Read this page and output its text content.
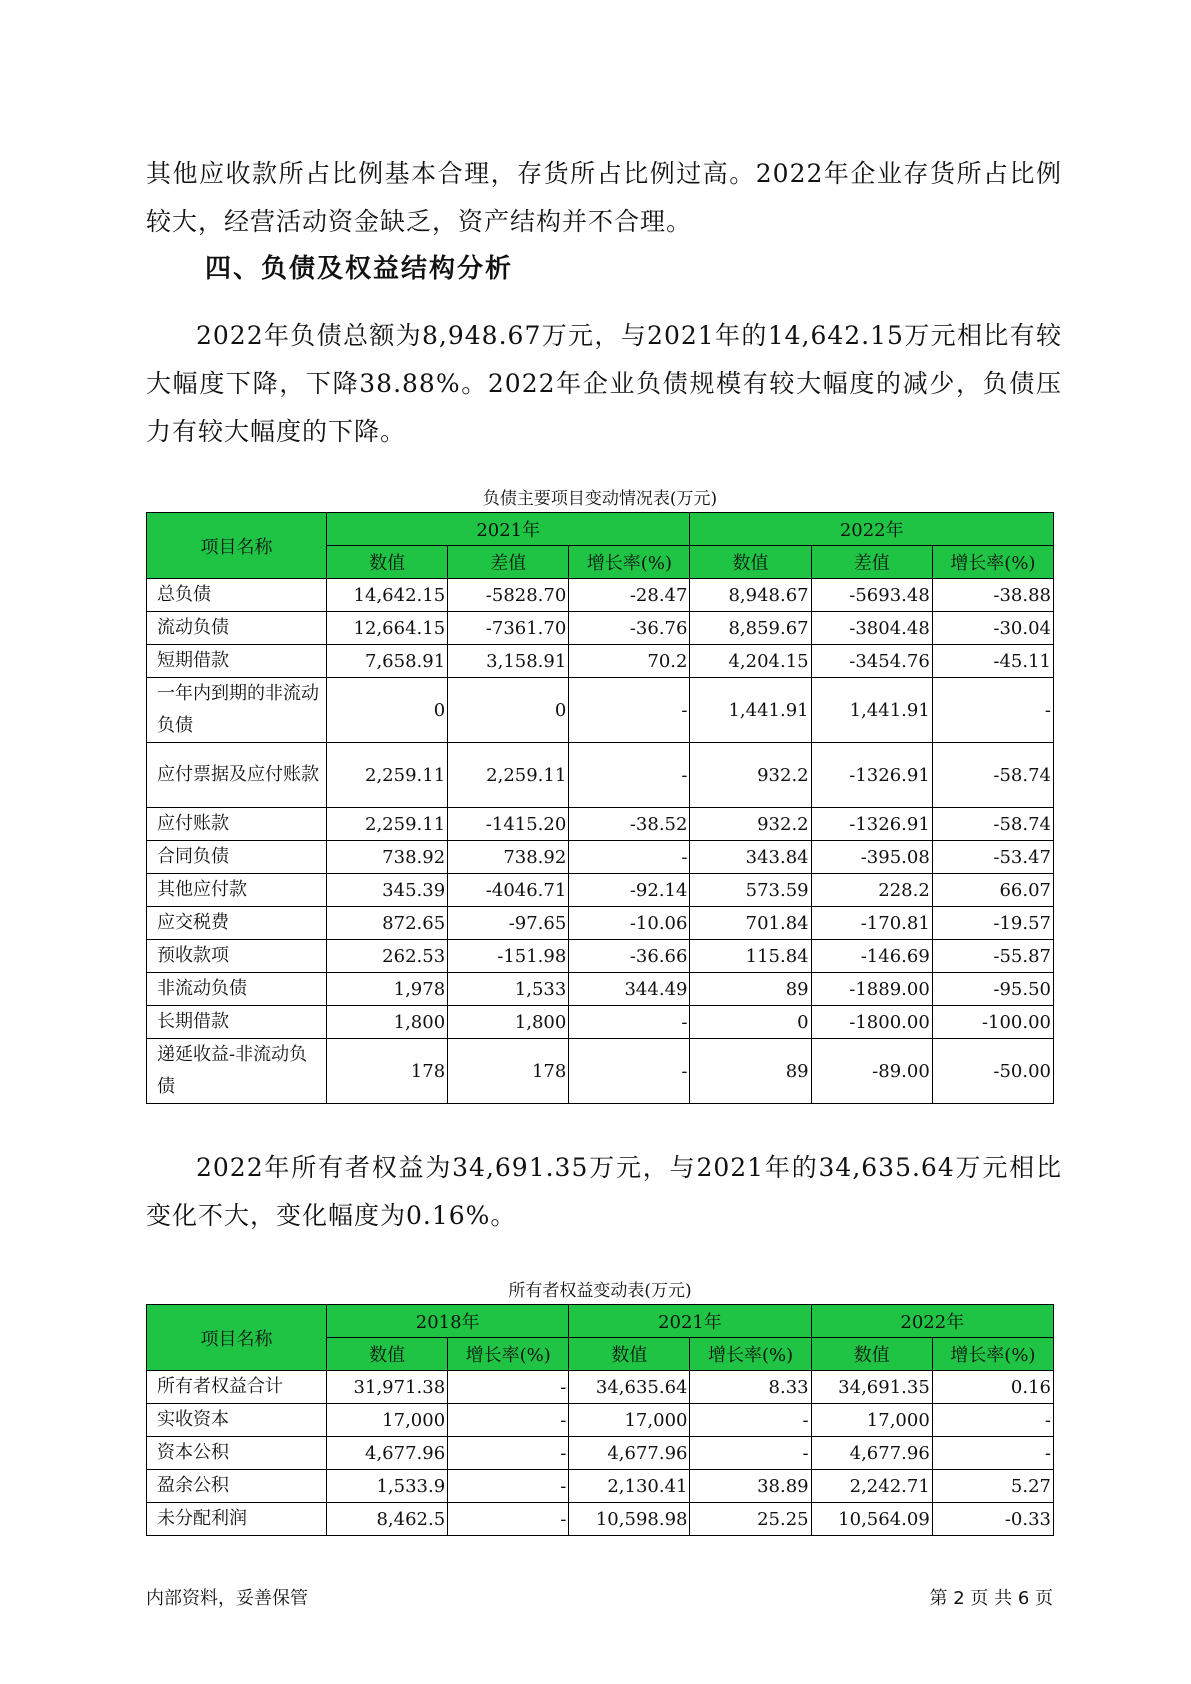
其他应收款所占比例基本合理，存货所占比例过高。2022年企业存货所占比例较大，经营活动资金缺乏，资产结构并不合理。

四、负债及权益结构分析

2022年负债总额为8,948.67万元，与2021年的14,642.15万元相比有较大幅度下降，下降38.88%。2022年企业负债规模有较大幅度的减少，负债压力有较大幅度的下降。

负债主要项目变动情况表(万元)

项目名称	2021年			2022年		
	数值	差值	增长率(%)	数值	差值	增长率(%)
总负债	14,642.15	-5828.70	-28.47	8,948.67	-5693.48	-38.88
流动负债	12,664.15	-7361.70	-36.76	8,859.67	-3804.48	-30.04
短期借款	7,658.91	3,158.91	70.2	4,204.15	-3454.76	-45.11
一年内到期的非流动负债	0	0	-	1,441.91	1,441.91	-
应付票据及应付账款	2,259.11	2,259.11	-	932.2	-1326.91	-58.74
应付账款	2,259.11	-1415.20	-38.52	932.2	-1326.91	-58.74
合同负债	738.92	738.92	-	343.84	-395.08	-53.47
其他应付款	345.39	-4046.71	-92.14	573.59	228.2	66.07
应交税费	872.65	-97.65	-10.06	701.84	-170.81	-19.57
预收款项	262.53	-151.98	-36.66	115.84	-146.69	-55.87
非流动负债	1,978	1,533	344.49	89	-1889.00	-95.50
长期借款	1,800	1,800	-	0	-1800.00	-100.00
递延收益-非流动负债	178	178	-	89	-89.00	-50.00

2022年所有者权益为34,691.35万元，与2021年的34,635.64万元相比变化不大，变化幅度为0.16%。

所有者权益变动表(万元)

项目名称	2018年		2021年		2022年	
	数值	增长率(%)	数值	增长率(%)	数值	增长率(%)
所有者权益合计	31,971.38	-	34,635.64	8.33	34,691.35	0.16
实收资本	17,000	-	17,000	-	17,000	-
资本公积	4,677.96	-	4,677.96	-	4,677.96	-
盈余公积	1,533.9	-	2,130.41	38.89	2,242.71	5.27
未分配利润	8,462.5	-	10,598.98	25.25	10,564.09	-0.33

内部资料，妥善保管	第 2 页 共 6 页
